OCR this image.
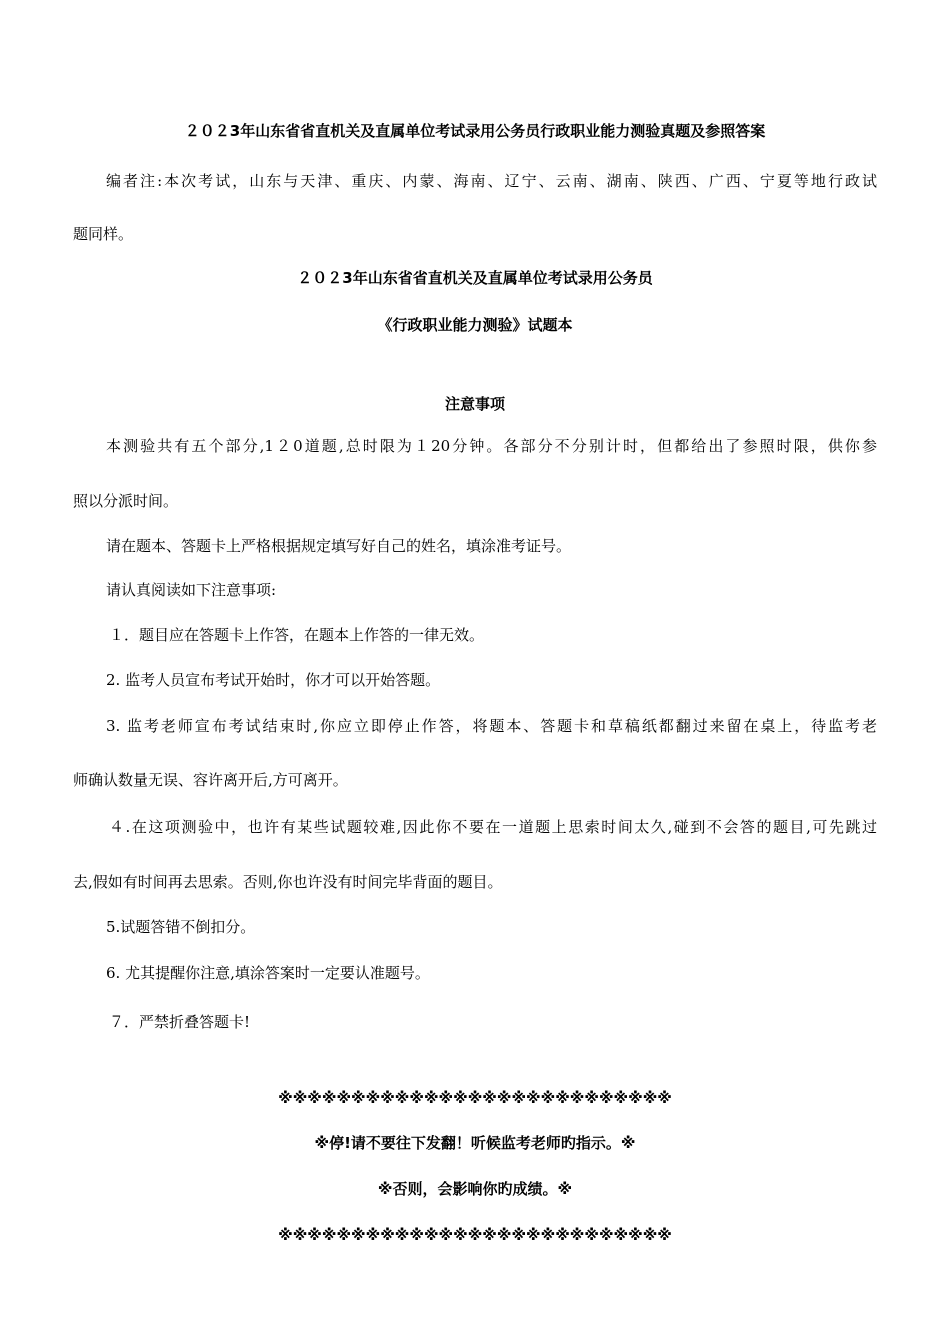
２０２3年山东省省直机关及直属单位考试录用公务员行政职业能力测验真题及参照答案
编者注:本次考试，山东与天津、重庆、内蒙、海南、辽宁、云南、湖南、陕西、广西、宁夏等地行政试
题同样。
２０２3年山东省省直机关及直属单位考试录用公务员
《行政职业能力测验》试题本
注意事项
本测验共有五个部分,1２0道题,总时限为１20分钟。各部分不分别计时，但都给出了参照时限，供你参
照以分派时间。
请在题本、答题卡上严格根据规定填写好自己的姓名，填涂准考证号。
请认真阅读如下注意事项:
１．题目应在答题卡上作答，在题本上作答的一律无效。
2. 监考人员宣布考试开始时，你才可以开始答题。
3. 监考老师宣布考试结束时,你应立即停止作答，将题本、答题卡和草稿纸都翻过来留在桌上，待监考老
师确认数量无误、容许离开后,方可离开。
４.在这项测验中，也许有某些试题较难,因此你不要在一道题上思索时间太久,碰到不会答的题目,可先跳过
去,假如有时间再去思索。否则,你也许没有时间完毕背面的题目。
5.试题答错不倒扣分。
6. 尤其提醒你注意,填涂答案时一定要认准题号。
７．严禁折叠答题卡!
※※※※※※※※※※※※※※※※※※※※※※※※※※※
※停!请不要往下发翻！听候监考老师旳指示。※
※否则，会影响你旳成绩。※
※※※※※※※※※※※※※※※※※※※※※※※※※※※
